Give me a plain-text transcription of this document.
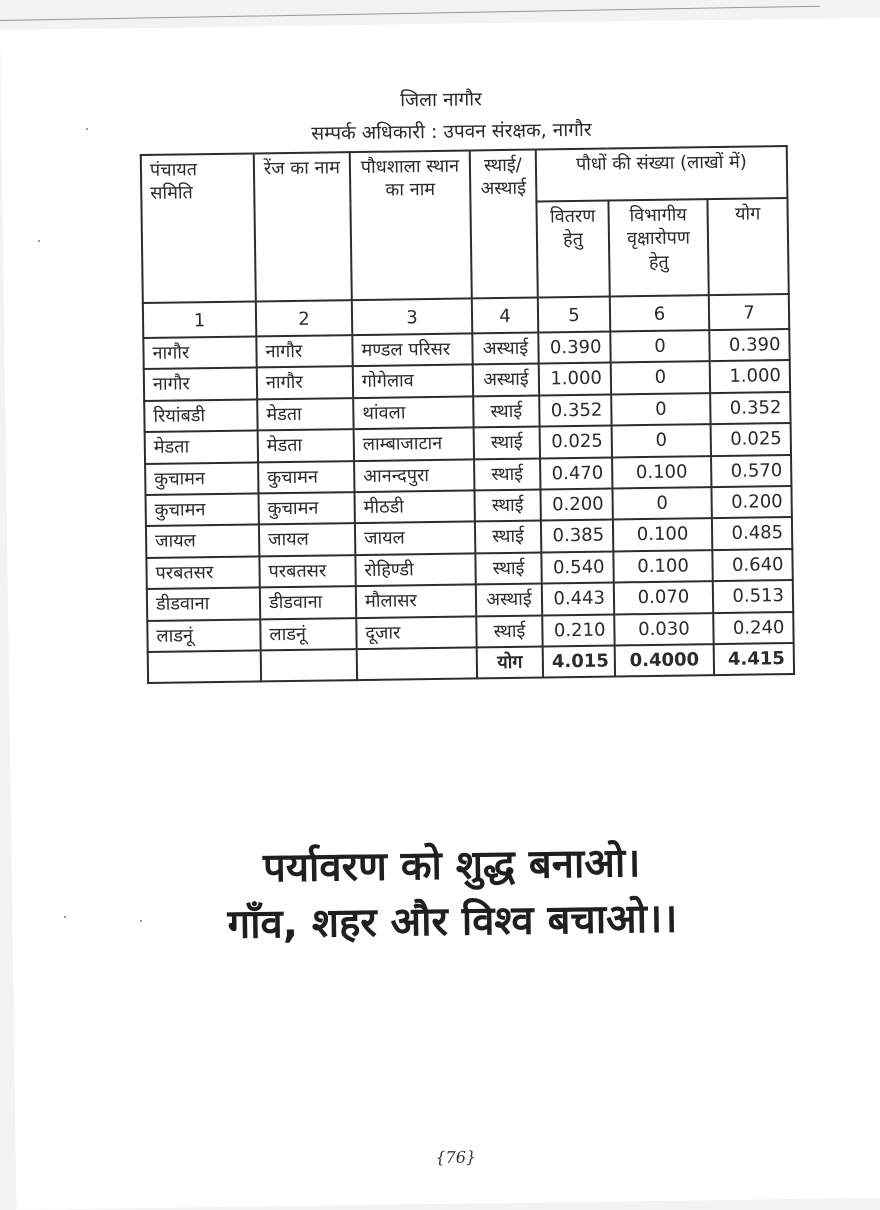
जिला नागौर
सम्पर्क अधिकारी : उपवन संरक्षक, नागौर
पंचायत समिति	रेंज का नाम	पौधशाला स्थान का नाम	स्थाई/ अस्थाई	पौधों की संख्या (लाखों में)		
				वितरण हेतु	विभागीय वृक्षारोपण हेतु	योग
1	2	3	4	5	6	7
नागौर	नागौर	मण्डल परिसर	अस्थाई	0.390	0	0.390
नागौर	नागौर	गोगेलाव	अस्थाई	1.000	0	1.000
रियांबडी	मेडता	थांवला	स्थाई	0.352	0	0.352
मेडता	मेडता	लाम्बाजाटान	स्थाई	0.025	0	0.025
कुचामन	कुचामन	आनन्दपुरा	स्थाई	0.470	0.100	0.570
कुचामन	कुचामन	मीठडी	स्थाई	0.200	0	0.200
जायल	जायल	जायल	स्थाई	0.385	0.100	0.485
परबतसर	परबतसर	रोहिण्डी	स्थाई	0.540	0.100	0.640
डीडवाना	डीडवाना	मौलासर	अस्थाई	0.443	0.070	0.513
लाडनूं	लाडनूं	दूजार	स्थाई	0.210	0.030	0.240
			योग	4.015	0.4000	4.415
पर्यावरण को शुद्ध बनाओ।
गाँव, शहर और विश्व बचाओ।।
{76}
